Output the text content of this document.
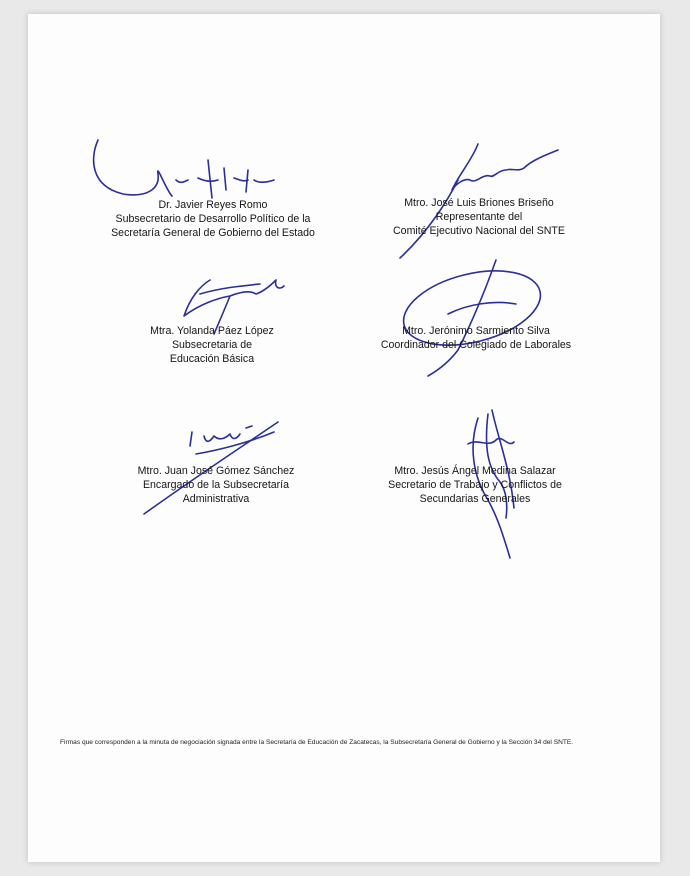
Dr. Javier Reyes Romo
Subsecretario de Desarrollo Político de la
Secretaría General de Gobierno del Estado
Mtro. José Luis Briones Briseño
Representante del
Comité Ejecutivo Nacional del SNTE
Mtra. Yolanda Páez López
Subsecretaria de
Educación Básica
Mtro. Jerónimo Sarmiento Silva
Coordinador del Colegiado de Laborales
Mtro. Juan José Gómez Sánchez
Encargado de la Subsecretaría
Administrativa
Mtro. Jesús Ángel Medina Salazar
Secretario de Trabajo y Conflictos de
Secundarias Generales
Firmas que corresponden a la minuta de negociación signada entre la Secretaría de Educación de Zacatecas, la Subsecretaría General de Gobierno y la Sección 34 del SNTE.
